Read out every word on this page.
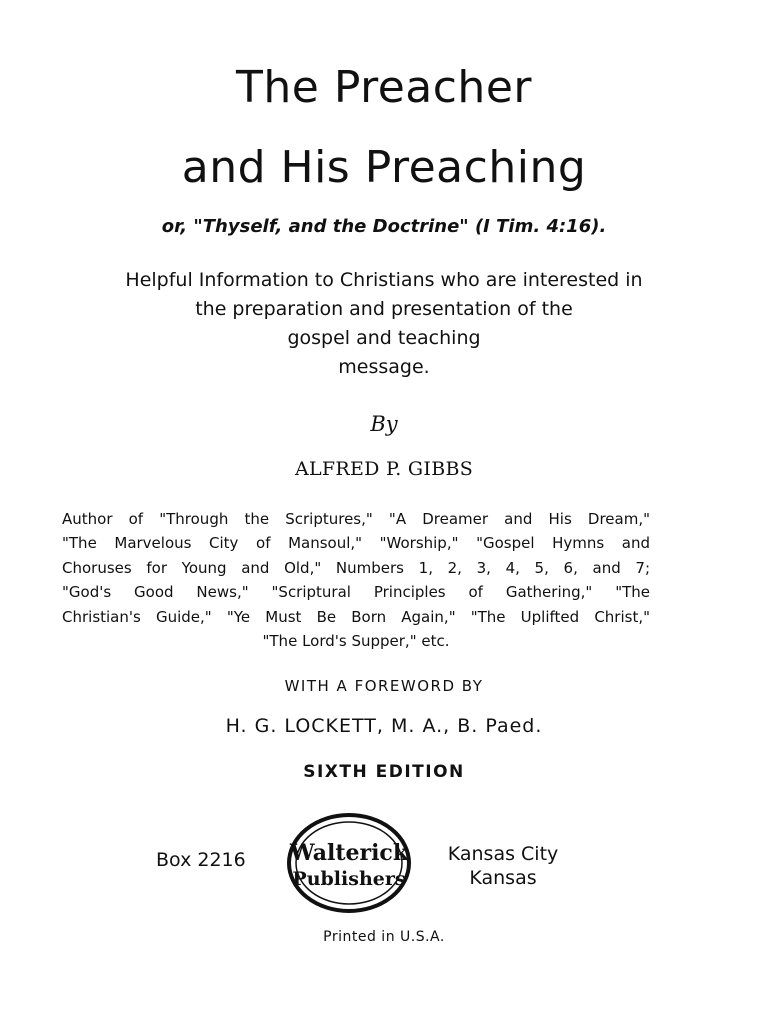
The Preacher
and His Preaching
or, "Thyself, and the Doctrine" (I Tim. 4:16).
Helpful Information to Christians who are interested in
the preparation and presentation of the
gospel and teaching
message.
By
ALFRED P. GIBBS
Author of "Through the Scriptures," "A Dreamer and His Dream,"
"The Marvelous City of Mansoul," "Worship," "Gospel Hymns and
Choruses for Young and Old," Numbers 1, 2, 3, 4, 5, 6, and 7;
"God's Good News," "Scriptural Principles of Gathering," "The
Christian's Guide," "Ye Must Be Born Again," "The Uplifted Christ,"
"The Lord's Supper," etc.
WITH A FOREWORD BY
H. G. LOCKETT, M. A., B. Paed.
SIXTH EDITION
Box 2216 Walterick
Publishers
Kansas City
Kansas
Printed in U.S.A.
